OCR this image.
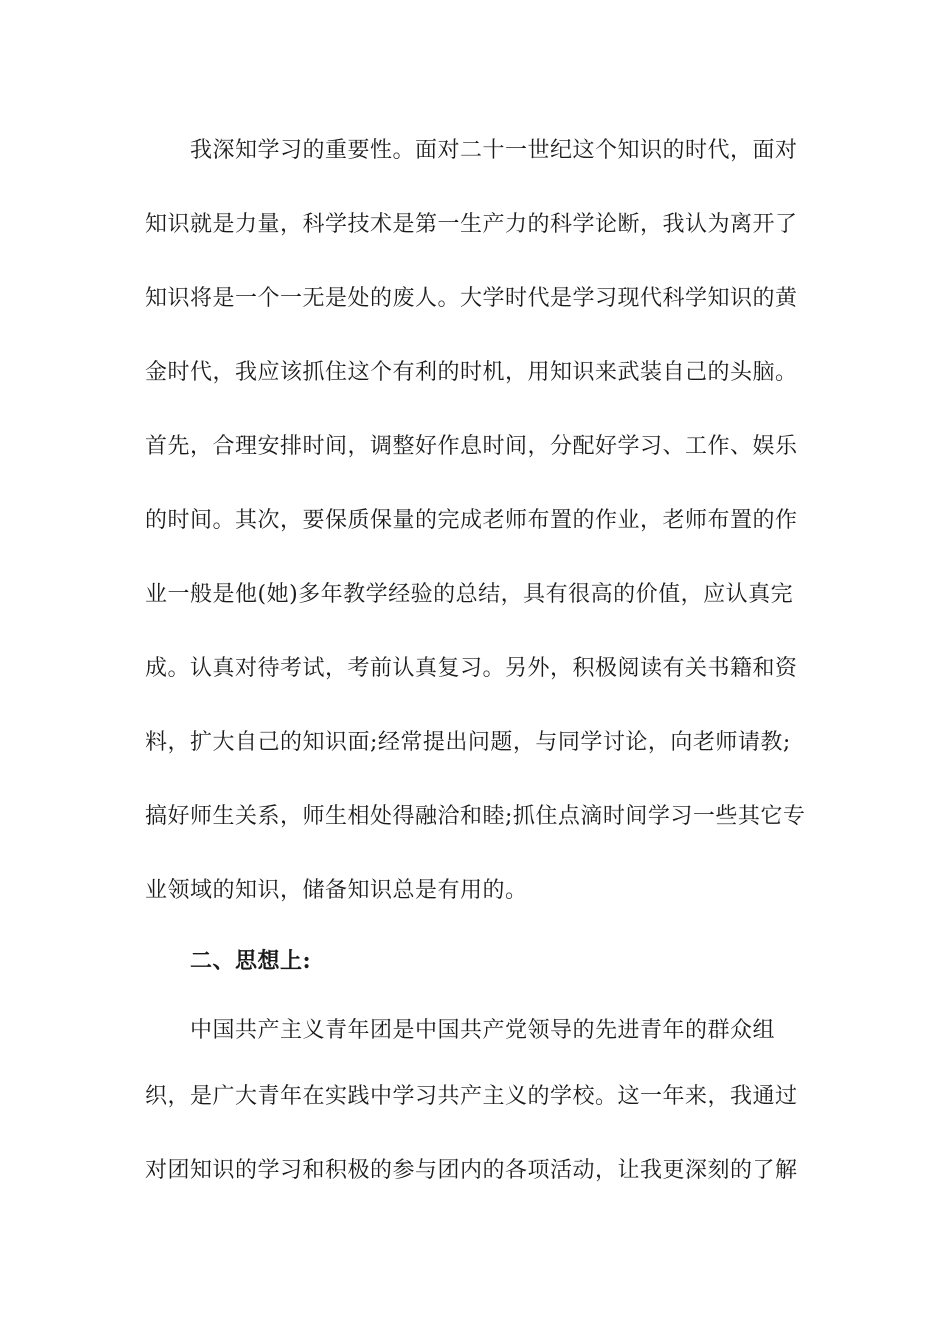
我深知学习的重要性。面对二十一世纪这个知识的时代，面对
知识就是力量，科学技术是第一生产力的科学论断，我认为离开了
知识将是一个一无是处的废人。大学时代是学习现代科学知识的黄
金时代，我应该抓住这个有利的时机，用知识来武装自己的头脑。
首先，合理安排时间，调整好作息时间，分配好学习、工作、娱乐
的时间。其次，要保质保量的完成老师布置的作业，老师布置的作
业一般是他(她)多年教学经验的总结，具有很高的价值，应认真完
成。认真对待考试，考前认真复习。另外，积极阅读有关书籍和资
料，扩大自己的知识面;经常提出问题，与同学讨论，向老师请教;
搞好师生关系，师生相处得融洽和睦;抓住点滴时间学习一些其它专
业领域的知识，储备知识总是有用的。
二、思想上:
中国共产主义青年团是中国共产党领导的先进青年的群众组
织，是广大青年在实践中学习共产主义的学校。这一年来，我通过
对团知识的学习和积极的参与团内的各项活动，让我更深刻的了解
